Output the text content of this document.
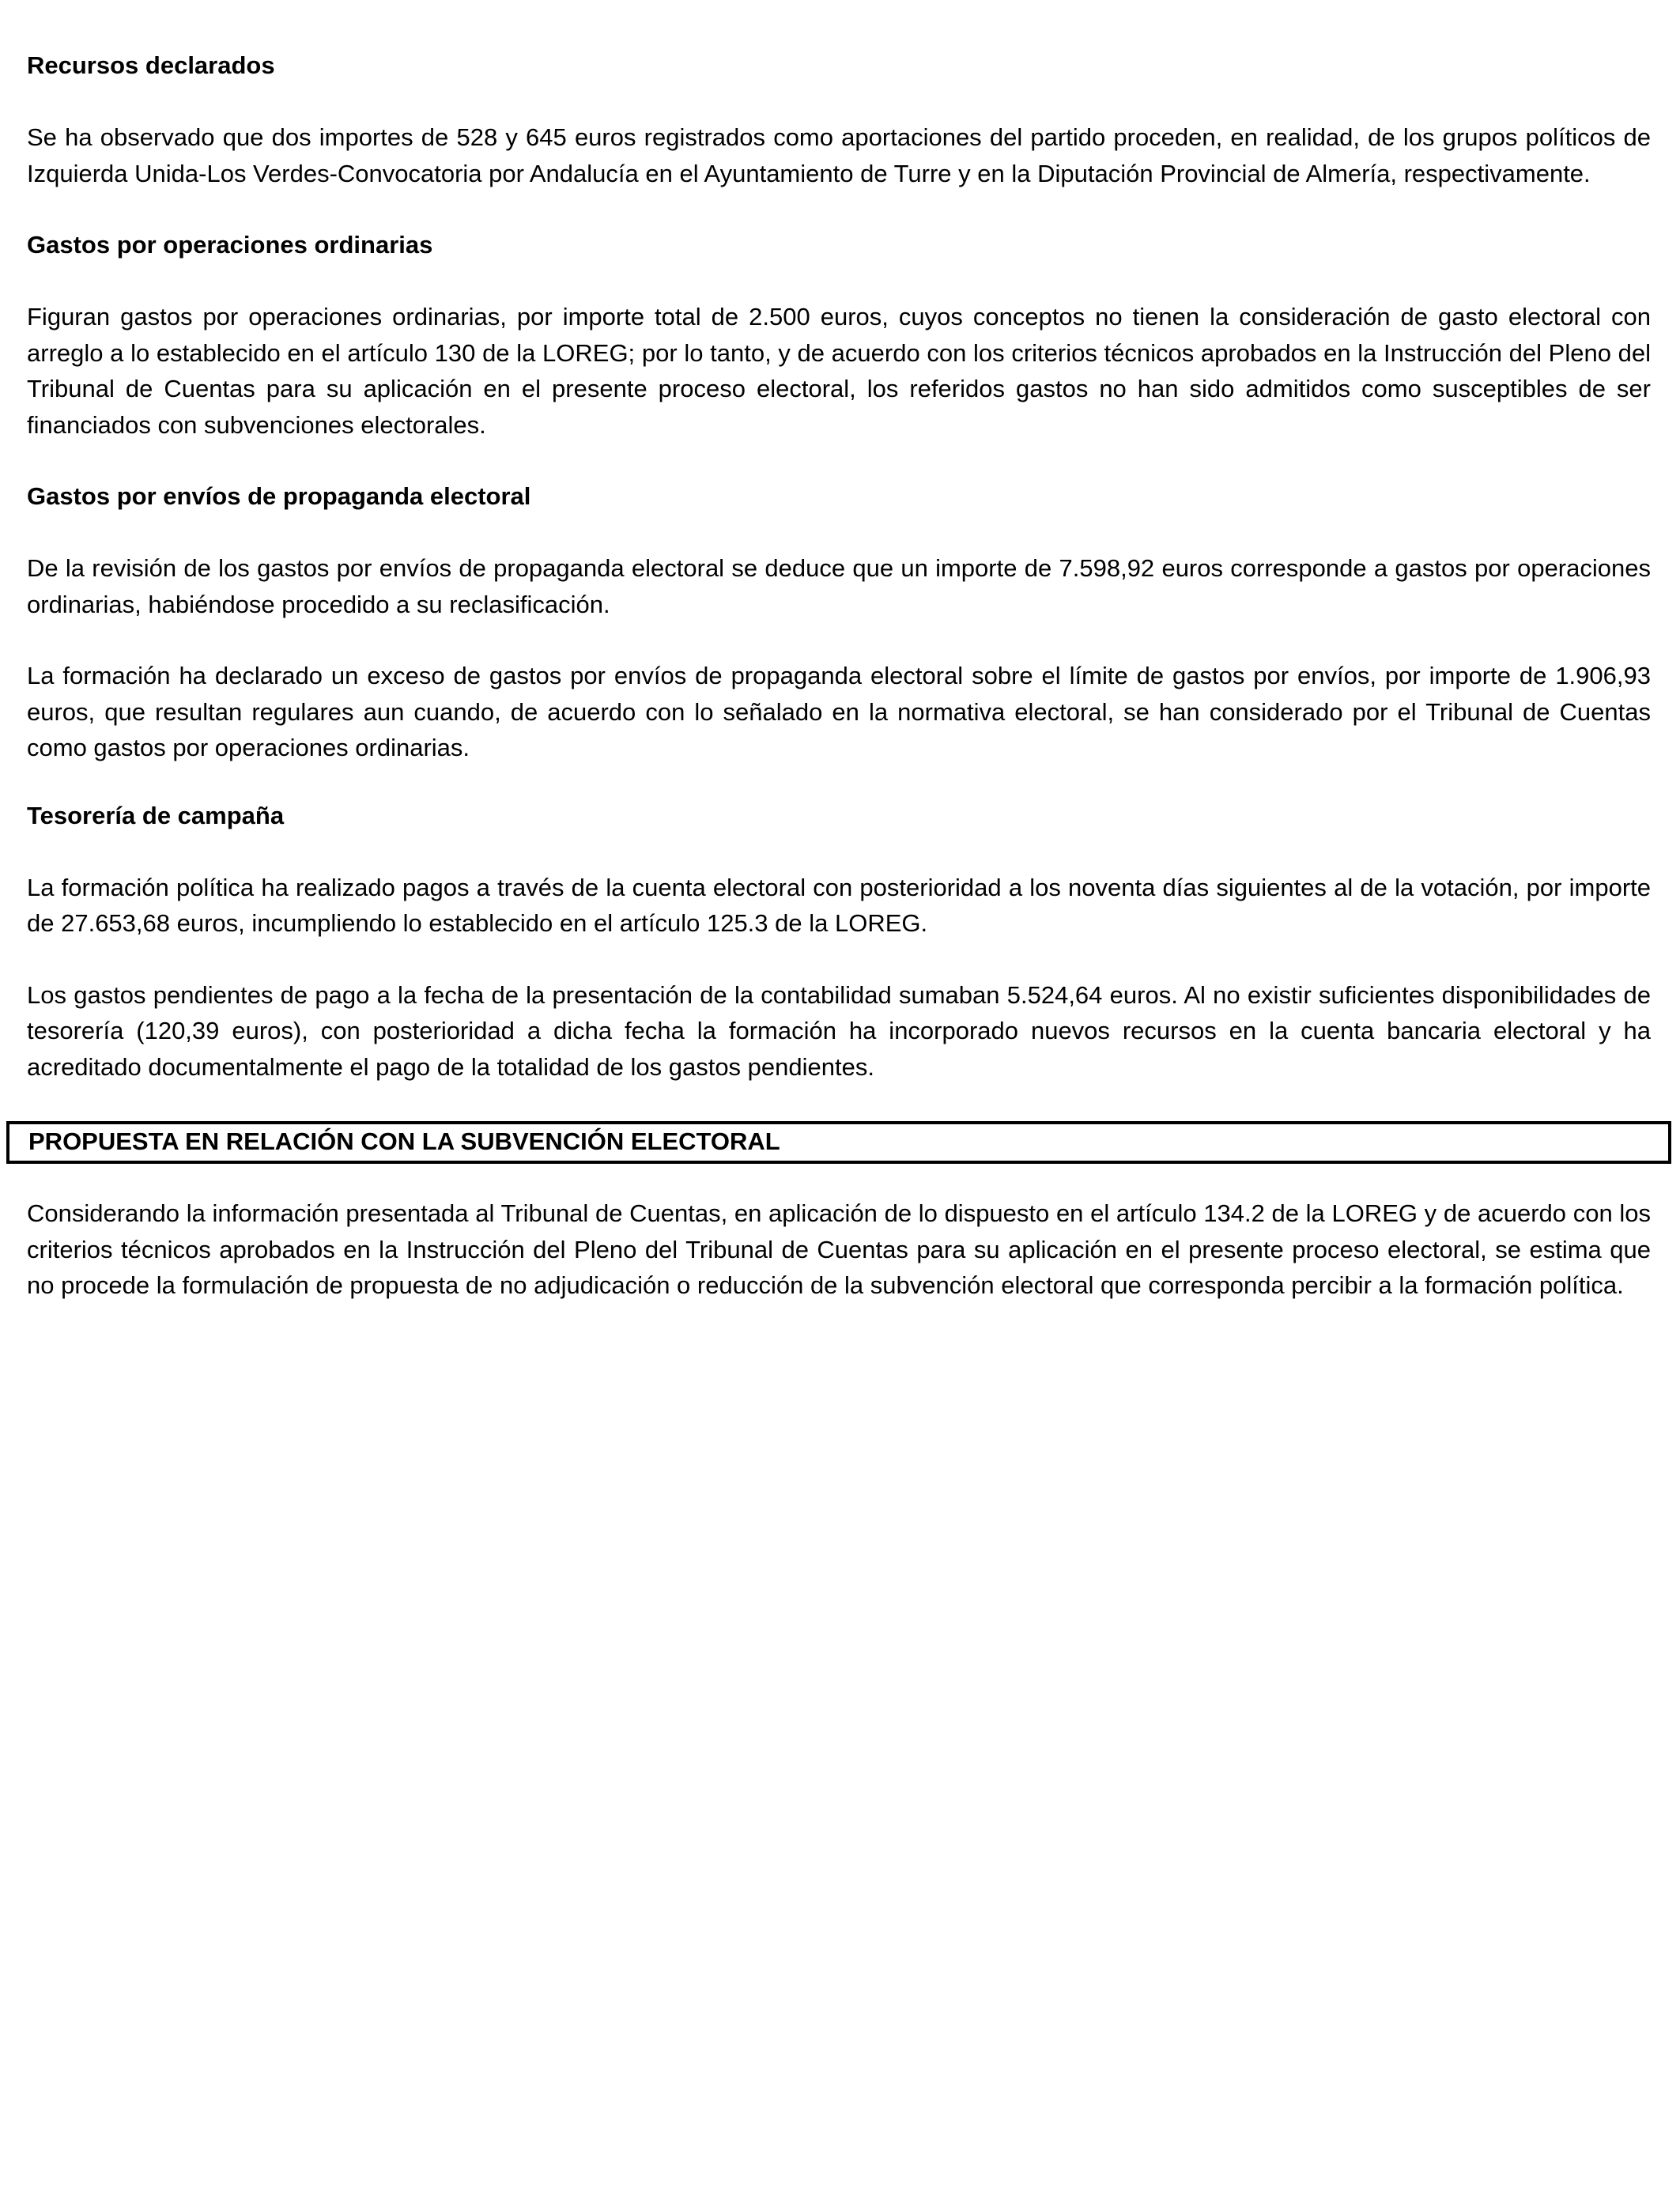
Recursos declarados

Se ha observado que dos importes de 528 y 645 euros registrados como aportaciones del partido proceden, en realidad, de los grupos políticos de Izquierda Unida-Los Verdes-Convocatoria por Andalucía en el Ayuntamiento de Turre y en la Diputación Provincial de Almería, respectivamente.

Gastos por operaciones ordinarias

Figuran gastos por operaciones ordinarias, por importe total de 2.500 euros, cuyos conceptos no tienen la consideración de gasto electoral con arreglo a lo establecido en el artículo 130 de la LOREG; por lo tanto, y de acuerdo con los criterios técnicos aprobados en la Instrucción del Pleno del Tribunal de Cuentas para su aplicación en el presente proceso electoral, los referidos gastos no han sido admitidos como susceptibles de ser financiados con subvenciones electorales.

Gastos por envíos de propaganda electoral

De la revisión de los gastos por envíos de propaganda electoral se deduce que un importe de 7.598,92 euros corresponde a gastos por operaciones ordinarias, habiéndose procedido a su reclasificación.

La formación ha declarado un exceso de gastos por envíos de propaganda electoral sobre el límite de gastos por envíos, por importe de 1.906,93 euros, que resultan regulares aun cuando, de acuerdo con lo señalado en la normativa electoral, se han considerado por el Tribunal de Cuentas como gastos por operaciones ordinarias.

Tesorería de campaña

La formación política ha realizado pagos a través de la cuenta electoral con posterioridad a los noventa días siguientes al de la votación, por importe de 27.653,68 euros, incumpliendo lo establecido en el artículo 125.3 de la LOREG.

Los gastos pendientes de pago a la fecha de la presentación de la contabilidad sumaban 5.524,64 euros. Al no existir suficientes disponibilidades de tesorería (120,39 euros), con posterioridad a dicha fecha la formación ha incorporado nuevos recursos en la cuenta bancaria electoral y ha acreditado documentalmente el pago de la totalidad de los gastos pendientes.

PROPUESTA EN RELACIÓN CON LA SUBVENCIÓN ELECTORAL

Considerando la información presentada al Tribunal de Cuentas, en aplicación de lo dispuesto en el artículo 134.2 de la LOREG y de acuerdo con los criterios técnicos aprobados en la Instrucción del Pleno del Tribunal de Cuentas para su aplicación en el presente proceso electoral, se estima que no procede la formulación de propuesta de no adjudicación o reducción de la subvención electoral que corresponda percibir a la formación política.
